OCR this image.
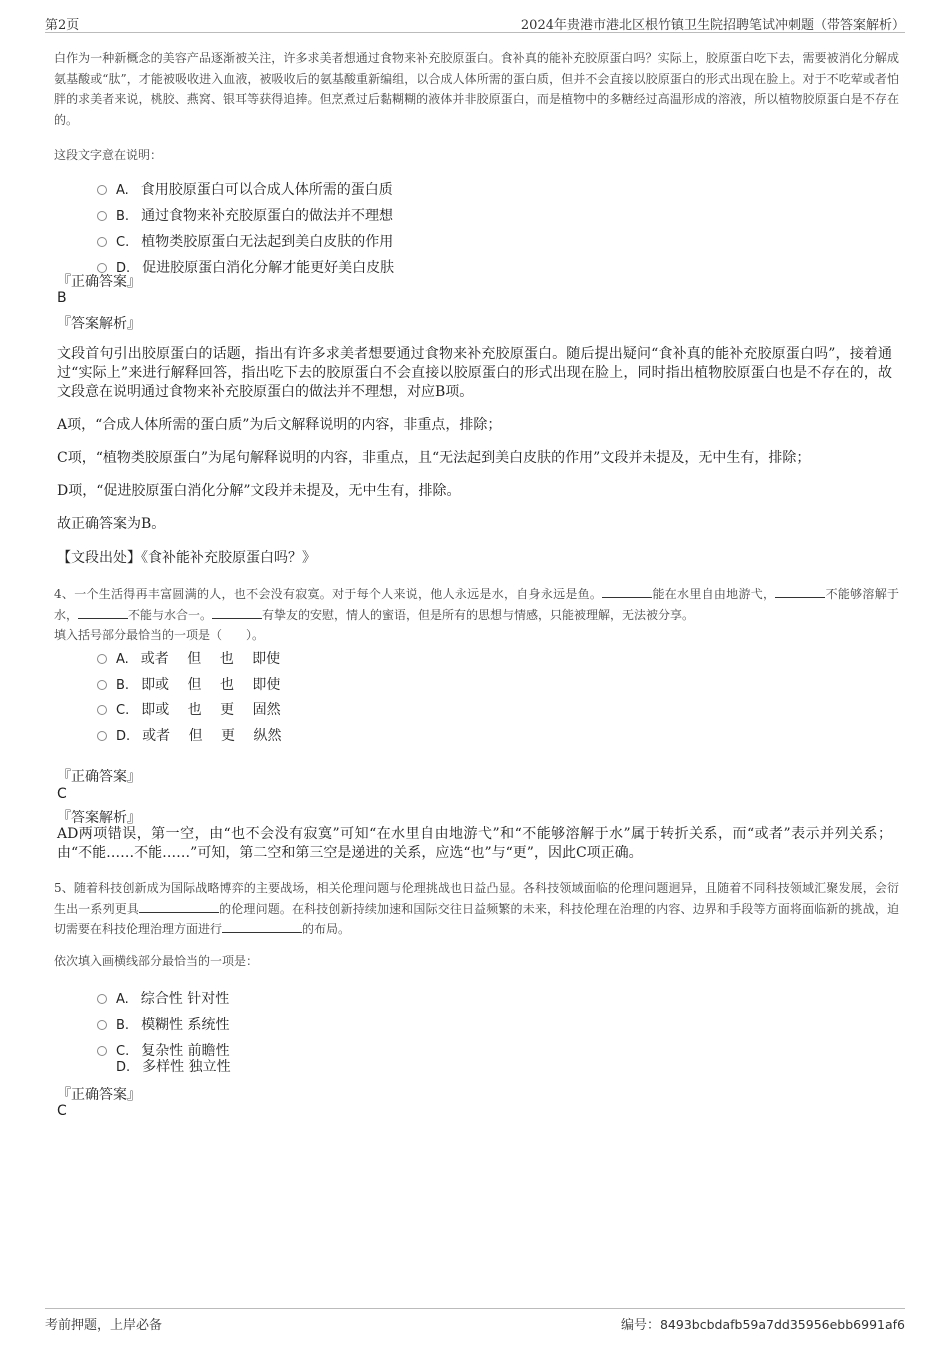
第2页	2024年贵港市港北区根竹镇卫生院招聘笔试冲刺题（带答案解析）
白作为一种新概念的美容产品逐渐被关注，许多求美者想通过食物来补充胶原蛋白。食补真的能补充胶原蛋白吗？实际上，胶原蛋白吃下去，需要被消化分解成氨基酸或“肽”，才能被吸收进入血液，被吸收后的氨基酸重新编组，以合成人体所需的蛋白质，但并不会直接以胶原蛋白的形式出现在脸上。对于不吃荤或者怕胖的求美者来说，桃胶、燕窝、银耳等获得追捧。但烹煮过后黏糊糊的液体并非胶原蛋白，而是植物中的多糖经过高温形成的溶液，所以植物胶原蛋白是不存在的。
这段文字意在说明：
A. 食用胶原蛋白可以合成人体所需的蛋白质
B. 通过食物来补充胶原蛋白的做法并不理想
C. 植物类胶原蛋白无法起到美白皮肤的作用
D. 促进胶原蛋白消化分解才能更好美白皮肤
『正确答案』
B
『答案解析』
文段首句引出胶原蛋白的话题，指出有许多求美者想要通过食物来补充胶原蛋白。随后提出疑问“食补真的能补充胶原蛋白吗”，接着通过“实际上”来进行解释回答，指出吃下去的胶原蛋白不会直接以胶原蛋白的形式出现在脸上，同时指出植物胶原蛋白也是不存在的，故文段意在说明通过食物来补充胶原蛋白的做法并不理想，对应B项。
A项，“合成人体所需的蛋白质”为后文解释说明的内容，非重点，排除；
C项，“植物类胶原蛋白”为尾句解释说明的内容，非重点，且“无法起到美白皮肤的作用”文段并未提及，无中生有，排除；
D项，“促进胶原蛋白消化分解”文段并未提及，无中生有，排除。
故正确答案为B。
【文段出处】《食补能补充胶原蛋白吗？》
4、一个生活得再丰富圆满的人，也不会没有寂寞。对于每个人来说，他人永远是水，自身永远是鱼。	能在水里自由地游弋，	不能够溶解于水，	不能与水合一。	有挚友的安慰，情人的蜜语，但是所有的思想与情感，只能被理解，无法被分享。
填入括号部分最恰当的一项是（　　）。
A. 或者　 但　 也　 即使
B. 即或　 但　 也　 即使
C. 即或　 也　 更　 固然
D. 或者　 但　 更　 纵然
『正确答案』
C
『答案解析』
AD两项错误，第一空，由“也不会没有寂寞”可知“在水里自由地游弋”和“不能够溶解于水”属于转折关系，而“或者”表示并列关系；由“不能……不能……”可知，第二空和第三空是递进的关系，应选“也”与“更”，因此C项正确。
5、随着科技创新成为国际战略博弈的主要战场，相关伦理问题与伦理挑战也日益凸显。各科技领域面临的伦理问题迥异，且随着不同科技领域汇聚发展，会衍生出一系列更具	的伦理问题。在科技创新持续加速和国际交往日益频繁的未来，科技伦理在治理的内容、边界和手段等方面将面临新的挑战，迫切需要在科技伦理治理方面进行	的布局。
依次填入画横线部分最恰当的一项是：
A. 综合性 针对性
B. 模糊性 系统性
C. 复杂性 前瞻性
D. 多样性 独立性
『正确答案』
C
考前押题，上岸必备	编号：8493bcbdafb59a7dd35956ebb6991af6
